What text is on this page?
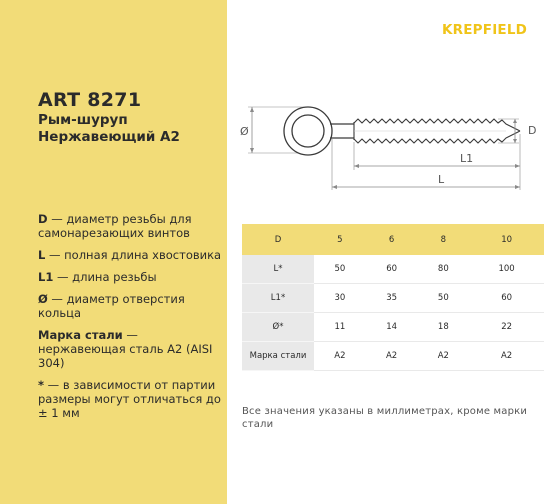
ART 8271
Рым-шуруп
Нержавеющий A2
D — диаметр резьбы для самонарезающих винтов
L — полная длина хвостовика
L1 — длина резьбы
Ø — диаметр отверстия кольца
Марка стали — нержавеющая сталь A2 (AISI 304)
* — в зависимости от партии размеры могут отличаться до ± 1 мм
KREPFIELD
Ø	D
L1
L
D	5	6	8	10
L*	50	60	80	100
L1*	30	35	50	60
Ø*	11	14	18	22
Марка стали	A2	A2	A2	A2
Все значения указаны в миллиметрах, кроме марки стали
